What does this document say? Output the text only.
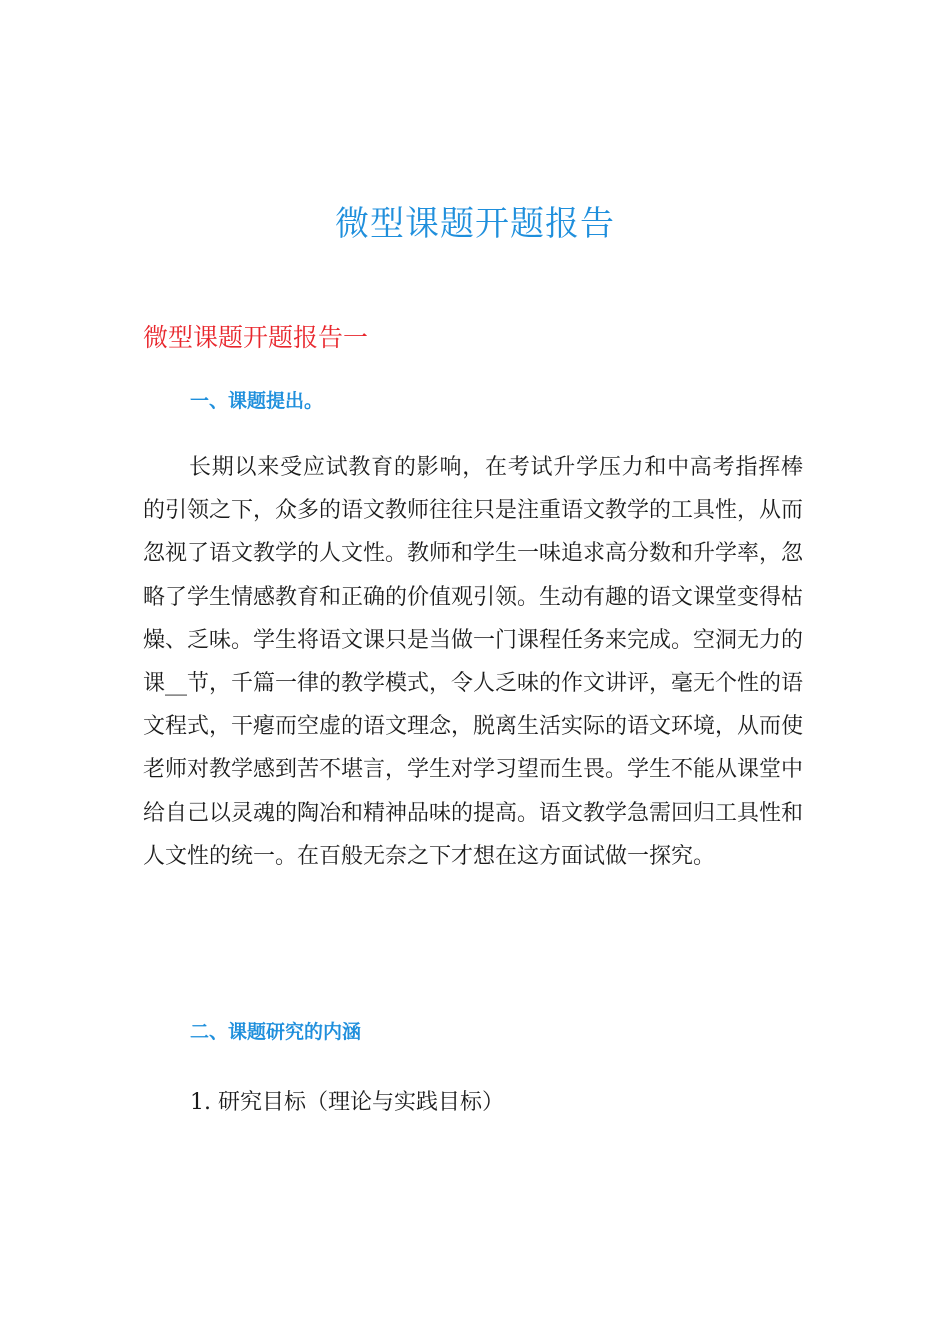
微型课题开题报告
微型课题开题报告一
一、课题提出。

长期以来受应试教育的影响，在考试升学压力和中高考指挥棒的引领之下，众多的语文教师往往只是注重语文教学的工具性，从而忽视了语文教学的人文性。教师和学生一味追求高分数和升学率，忽略了学生情感教育和正确的价值观引领。生动有趣的语文课堂变得枯燥、乏味。学生将语文课只是当做一门课程任务来完成。空洞无力的课__节，千篇一律的教学模式，令人乏味的作文讲评，毫无个性的语文程式，干瘪而空虚的语文理念，脱离生活实际的语文环境，从而使老师对教学感到苦不堪言，学生对学习望而生畏。学生不能从课堂中给自己以灵魂的陶冶和精神品味的提高。语文教学急需回归工具性和人文性的统一。在百般无奈之下才想在这方面试做一探究。

二、课题研究的内涵

1. 研究目标（理论与实践目标）
